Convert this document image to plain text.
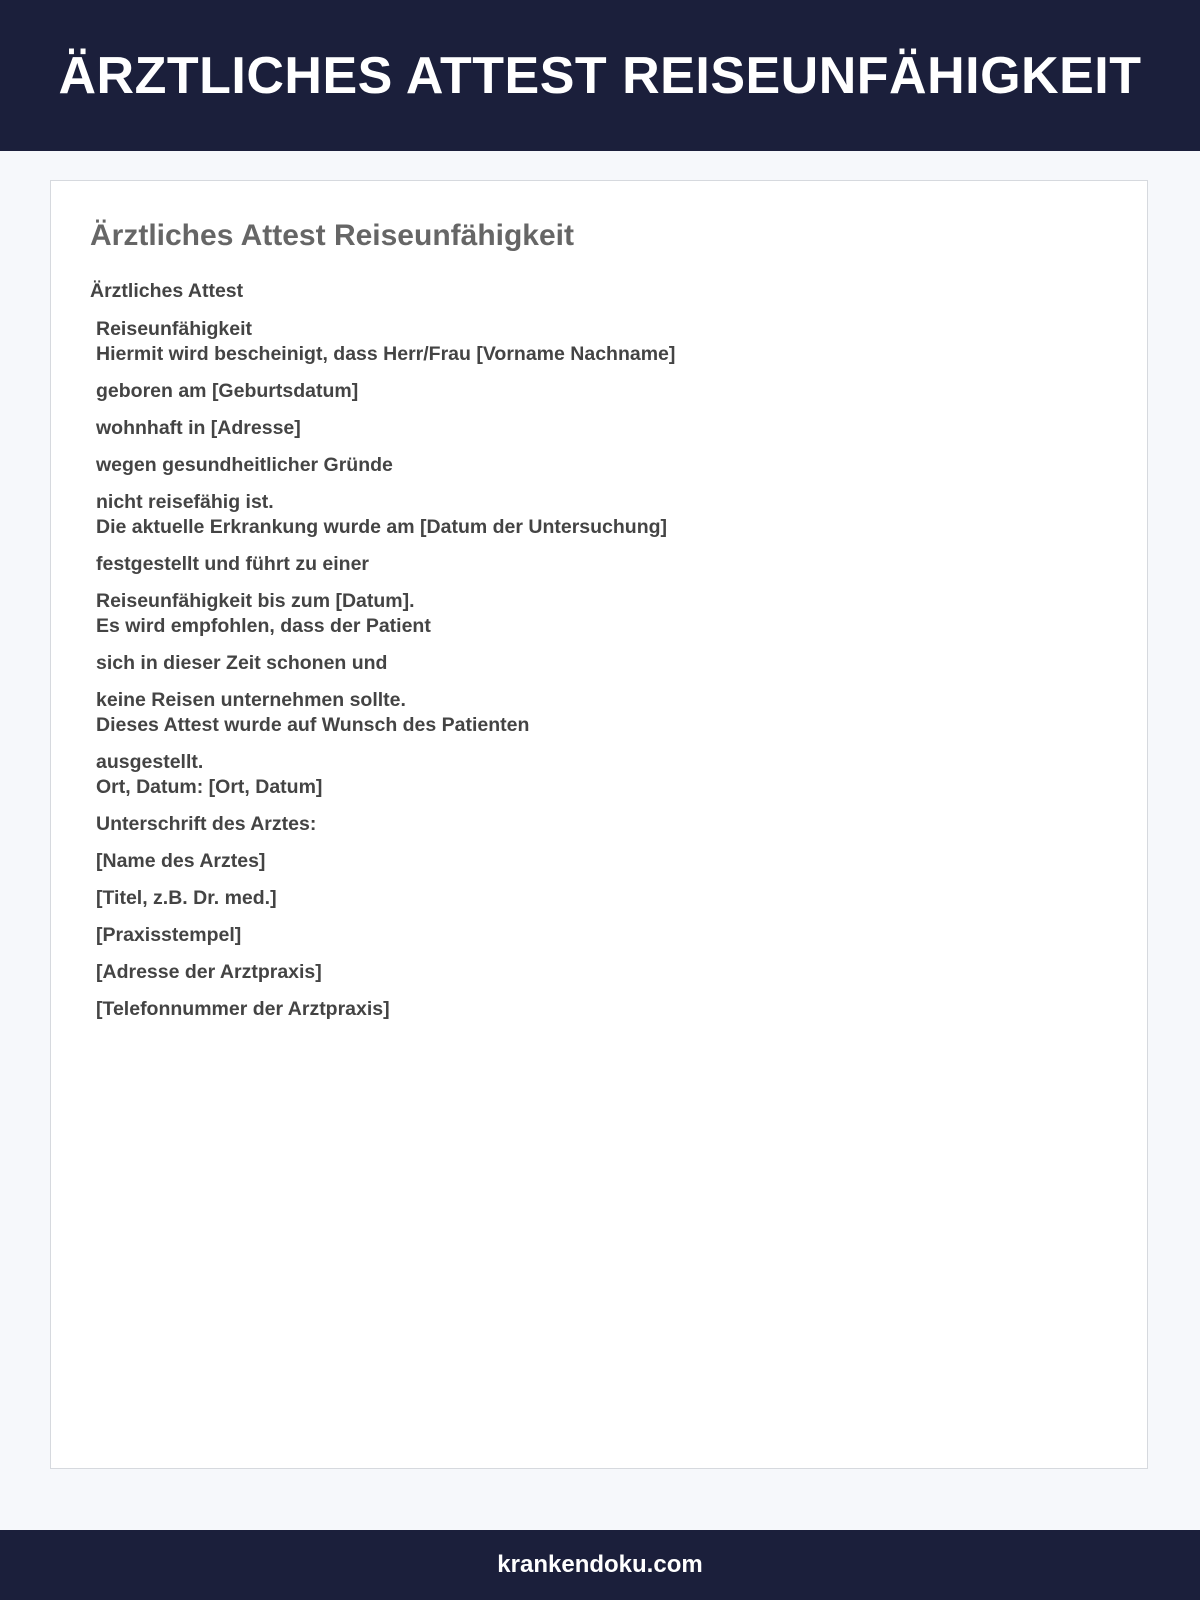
ÄRZTLICHES ATTEST REISEUNFÄHIGKEIT
Ärztliches Attest Reiseunfähigkeit
Ärztliches Attest
Reiseunfähigkeit
Hiermit wird bescheinigt, dass Herr/Frau [Vorname Nachname]
geboren am [Geburtsdatum]
wohnhaft in [Adresse]
wegen gesundheitlicher Gründe
nicht reisefähig ist.
Die aktuelle Erkrankung wurde am [Datum der Untersuchung]
festgestellt und führt zu einer
Reiseunfähigkeit bis zum [Datum].
Es wird empfohlen, dass der Patient
sich in dieser Zeit schonen und
keine Reisen unternehmen sollte.
Dieses Attest wurde auf Wunsch des Patienten
ausgestellt.
Ort, Datum: [Ort, Datum]
Unterschrift des Arztes:
[Name des Arztes]
[Titel, z.B. Dr. med.]
[Praxisstempel]
[Adresse der Arztpraxis]
[Telefonnummer der Arztpraxis]
krankendoku.com
